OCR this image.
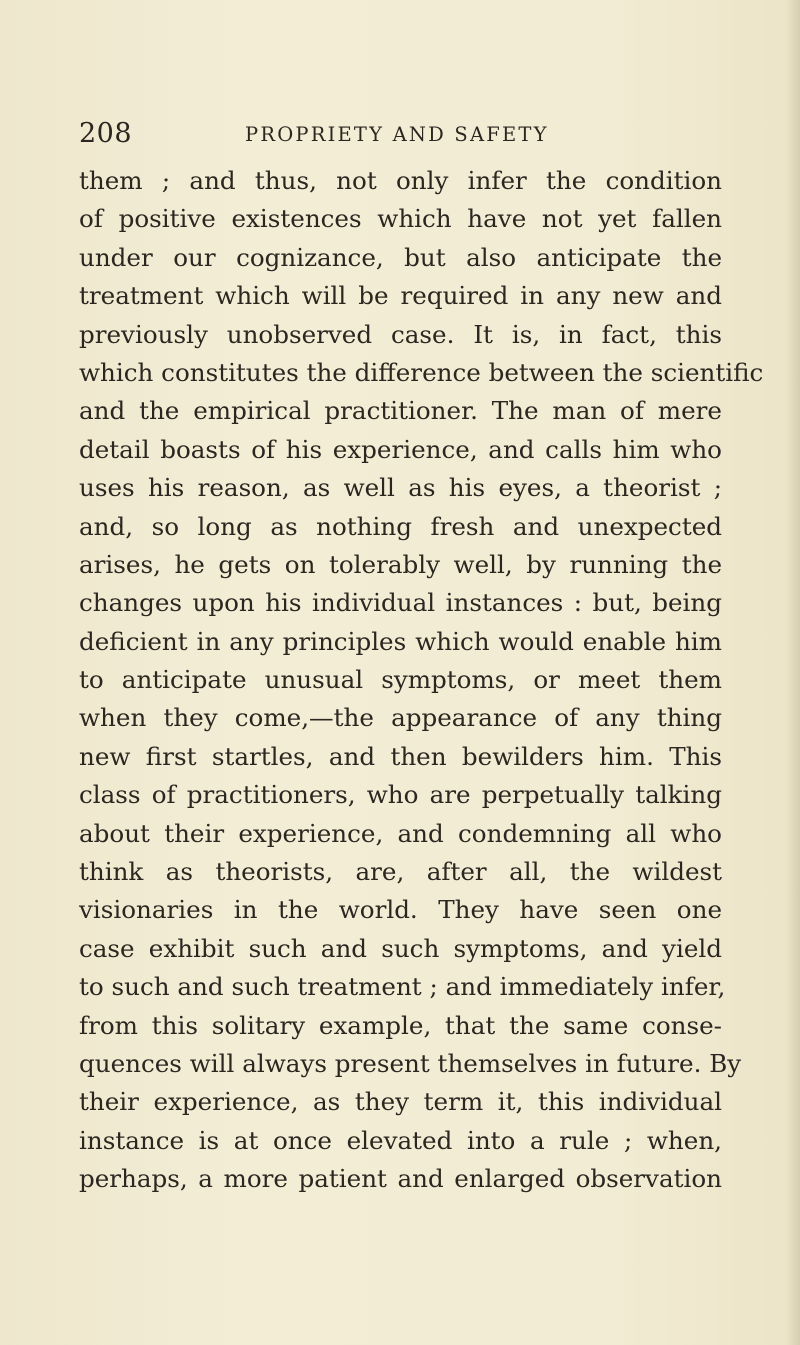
208	PROPRIETY AND SAFETY
them ; and thus, not only infer the condition
of positive existences which have not yet fallen
under our cognizance, but also anticipate the
treatment which will be required in any new and
previously unobserved case. It is, in fact, this
which constitutes the difference between the scientific
and the empirical practitioner. The man of mere
detail boasts of his experience, and calls him who
uses his reason, as well as his eyes, a theorist ;
and, so long as nothing fresh and unexpected
arises, he gets on tolerably well, by running the
changes upon his individual instances : but, being
deficient in any principles which would enable him
to anticipate unusual symptoms, or meet them
when they come,—the appearance of any thing
new first startles, and then bewilders him. This
class of practitioners, who are perpetually talking
about their experience, and condemning all who
think as theorists, are, after all, the wildest
visionaries in the world. They have seen one
case exhibit such and such symptoms, and yield
to such and such treatment ; and immediately infer,
from this solitary example, that the same conse-
quences will always present themselves in future. By
their experience, as they term it, this individual
instance is at once elevated into a rule ; when,
perhaps, a more patient and enlarged observation
